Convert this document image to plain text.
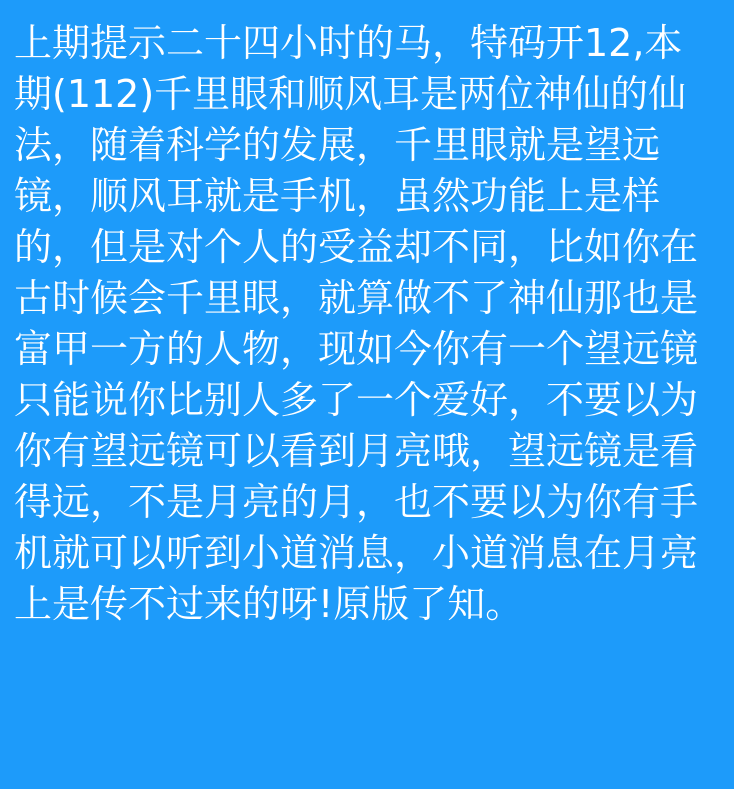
上期提示二十四小时的马，特码开12,本期(112)千里眼和顺风耳是两位神仙的仙法，随着科学的发展，千里眼就是望远镜，顺风耳就是手机，虽然功能上是样的，但是对个人的受益却不同，比如你在古时候会千里眼，就算做不了神仙那也是富甲一方的人物，现如今你有一个望远镜只能说你比别人多了一个爱好，不要以为你有望远镜可以看到月亮哦，望远镜是看得远，不是月亮的月，也不要以为你有手机就可以听到小道消息，小道消息在月亮上是传不过来的呀!原版了知。
